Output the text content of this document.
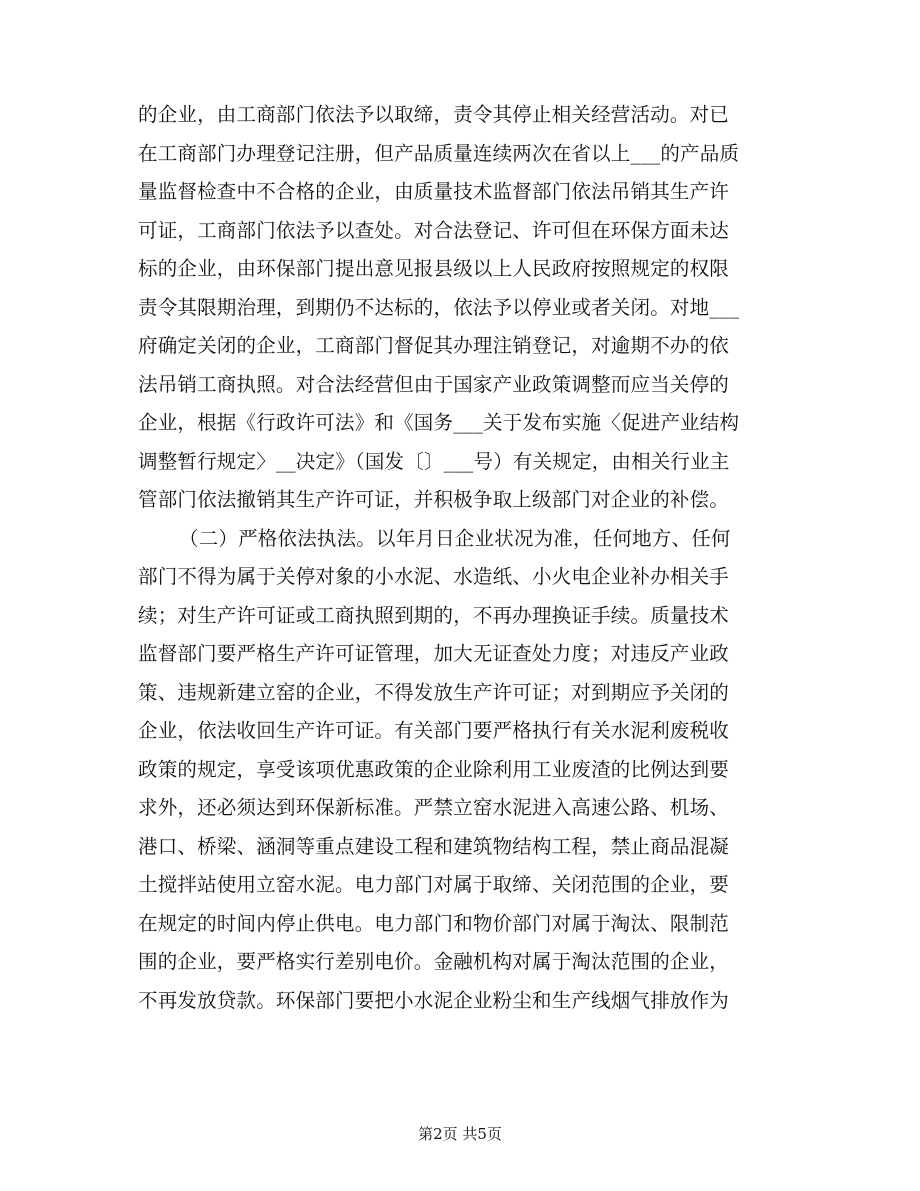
的企业，由工商部门依法予以取缔，责令其停止相关经营活动。对已
在工商部门办理登记注册，但产品质量连续两次在省以上___的产品质
量监督检查中不合格的企业，由质量技术监督部门依法吊销其生产许
可证，工商部门依法予以查处。对合法登记、许可但在环保方面未达
标的企业，由环保部门提出意见报县级以上人民政府按照规定的权限
责令其限期治理，到期仍不达标的，依法予以停业或者关闭。对地___
府确定关闭的企业，工商部门督促其办理注销登记，对逾期不办的依
法吊销工商执照。对合法经营但由于国家产业政策调整而应当关停的
企业，根据《行政许可法》和《国务___关于发布实施〈促进产业结构
调整暂行规定〉__决定》（国发〔〕___号）有关规定，由相关行业主
管部门依法撤销其生产许可证，并积极争取上级部门对企业的补偿。
（二）严格依法执法。以年月日企业状况为准，任何地方、任何
部门不得为属于关停对象的小水泥、水造纸、小火电企业补办相关手
续；对生产许可证或工商执照到期的，不再办理换证手续。质量技术
监督部门要严格生产许可证管理，加大无证查处力度；对违反产业政
策、违规新建立窑的企业，不得发放生产许可证；对到期应予关闭的
企业，依法收回生产许可证。有关部门要严格执行有关水泥利废税收
政策的规定，享受该项优惠政策的企业除利用工业废渣的比例达到要
求外，还必须达到环保新标准。严禁立窑水泥进入高速公路、机场、
港口、桥梁、涵洞等重点建设工程和建筑物结构工程，禁止商品混凝
土搅拌站使用立窑水泥。电力部门对属于取缔、关闭范围的企业，要
在规定的时间内停止供电。电力部门和物价部门对属于淘汰、限制范
围的企业，要严格实行差别电价。金融机构对属于淘汰范围的企业，
不再发放贷款。环保部门要把小水泥企业粉尘和生产线烟气排放作为
第2页 共5页
